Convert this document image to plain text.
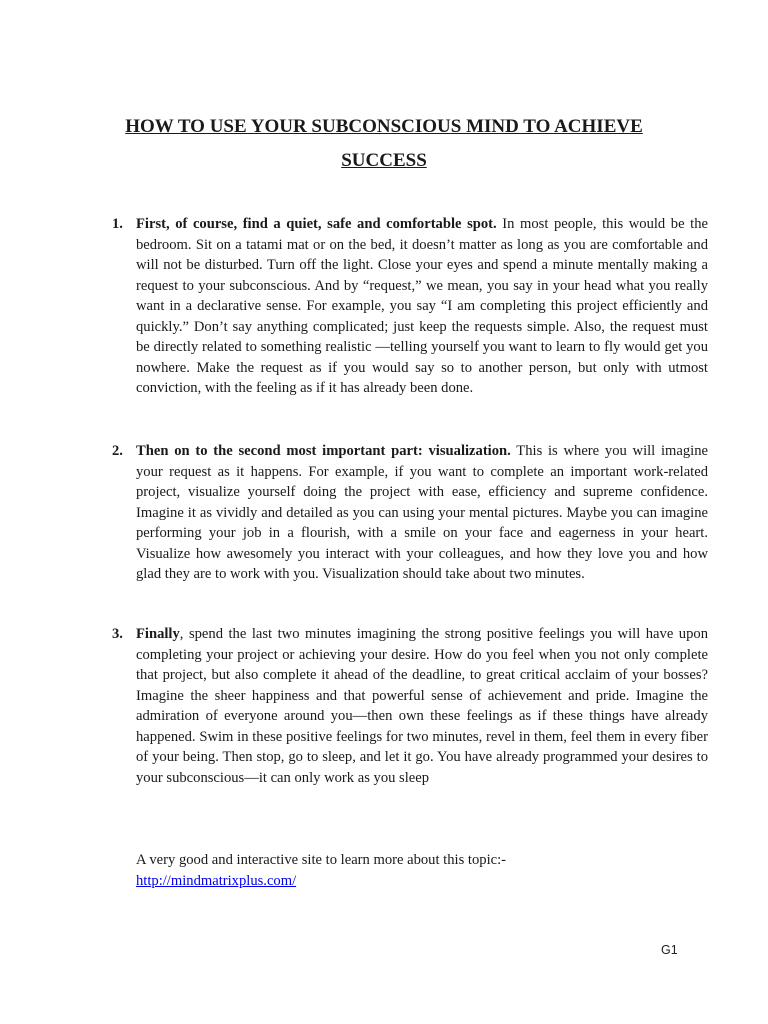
HOW TO USE YOUR SUBCONSCIOUS MIND TO ACHIEVE
SUCCESS
1. First, of course, find a quiet, safe and comfortable spot. In most people, this would be the bedroom. Sit on a tatami mat or on the bed, it doesn’t matter as long as you are comfortable and will not be disturbed. Turn off the light. Close your eyes and spend a minute mentally making a request to your subconscious. And by “request,” we mean, you say in your head what you really want in a declarative sense. For example, you say “I am completing this project efficiently and quickly.” Don’t say anything complicated; just keep the requests simple. Also, the request must be directly related to something realistic —telling yourself you want to learn to fly would get you nowhere. Make the request as if you would say so to another person, but only with utmost conviction, with the feeling as if it has already been done.
2. Then on to the second most important part: visualization. This is where you will imagine your request as it happens. For example, if you want to complete an important work-related project, visualize yourself doing the project with ease, efficiency and supreme confidence. Imagine it as vividly and detailed as you can using your mental pictures. Maybe you can imagine performing your job in a flourish, with a smile on your face and eagerness in your heart. Visualize how awesomely you interact with your colleagues, and how they love you and how glad they are to work with you. Visualization should take about two minutes.
3. Finally, spend the last two minutes imagining the strong positive feelings you will have upon completing your project or achieving your desire. How do you feel when you not only complete that project, but also complete it ahead of the deadline, to great critical acclaim of your bosses? Imagine the sheer happiness and that powerful sense of achievement and pride. Imagine the admiration of everyone around you—then own these feelings as if these things have already happened. Swim in these positive feelings for two minutes, revel in them, feel them in every fiber of your being. Then stop, go to sleep, and let it go. You have already programmed your desires to your subconscious—it can only work as you sleep

A very good and interactive site to learn more about this topic:-

http://mindmatrixplus.com/
G1
